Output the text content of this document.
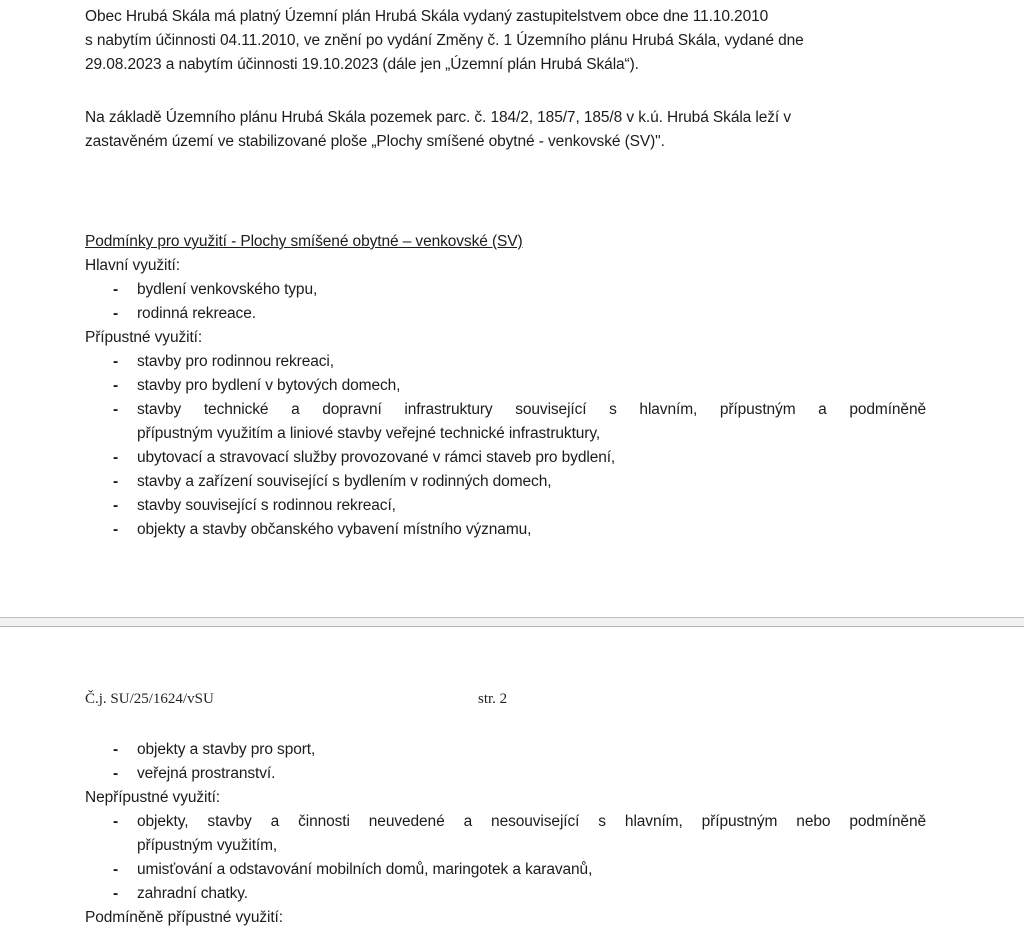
Obec Hrubá Skála má platný Územní plán Hrubá Skála vydaný zastupitelstvem obce dne 11.10.2010
s nabytím účinnosti 04.11.2010, ve znění po vydání Změny č. 1 Územního plánu Hrubá Skála, vydané dne
29.08.2023 a nabytím účinnosti 19.10.2023 (dále jen „Územní plán Hrubá Skála“).
Na základě Územního plánu Hrubá Skála pozemek parc. č. 184/2, 185/7, 185/8 v k.ú. Hrubá Skála leží v
zastavěném území ve stabilizované ploše „Plochy smíšené obytné - venkovské (SV)".
Podmínky pro využití - Plochy smíšené obytné – venkovské (SV)
Hlavní využití:
-	bydlení venkovského typu,
-	rodinná rekreace.
Přípustné využití:
-	stavby pro rodinnou rekreaci,
-	stavby pro bydlení v bytových domech,
-	stavby technické a dopravní infrastruktury související s hlavním, přípustným a podmíněně
přípustným využitím a liniové stavby veřejné technické infrastruktury,
-	ubytovací a stravovací služby provozované v rámci staveb pro bydlení,
-	stavby a zařízení související s bydlením v rodinných domech,
-	stavby související s rodinnou rekreací,
-	objekty a stavby občanského vybavení místního významu,
Č.j. SU/25/1624/vSU	str. 2
-	objekty a stavby pro sport,
-	veřejná prostranství.
Nepřípustné využití:
-	objekty, stavby a činnosti neuvedené a nesouvisející s hlavním, přípustným nebo podmíněně
přípustným využitím,
-	umisťování a odstavování mobilních domů, maringotek a karavanů,
-	zahradní chatky.
Podmíněně přípustné využití:
